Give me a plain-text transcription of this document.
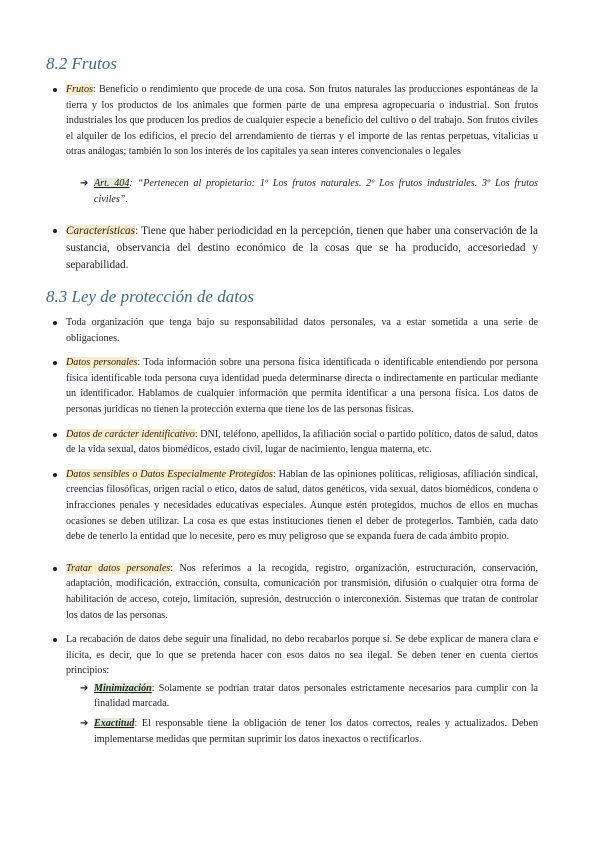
8.2 Frutos
Frutos: Beneficio o rendimiento que procede de una cosa. Son frutos naturales las producciones espontáneas de la tierra y los productos de los animales que formen parte de una empresa agropecuaria o industrial. Son frutos industriales los que producen los predios de cualquier especie a beneficio del cultivo o del trabajo. Son frutos civiles el alquiler de los edificios, el precio del arrendamiento de tierras y el importe de las rentas perpetuas, vitalicias u otras análogas; también lo son los interés de los capitales ya sean interes convencionales o legales
➔ Art. 404: “Pertenecen al propietario: 1º Los frutos naturales. 2º Los frutos industriales. 3º Los frutos civiles”.
Características: Tiene que haber periodicidad en la percepción, tienen que haber una conservación de la sustancia, observancia del destino económico de la cosas que se ha producido, accesoriedad y separabilidad.
8.3 Ley de protección de datos
Toda organización que tenga bajo su responsabilidad datos personales, va a estar sometida a una serie de obligaciones.
Datos personales: Toda información sobre una persona física identificada o identificable entendiendo por persona física identificable toda persona cuya identidad pueda determinarse directa o indirectamente en particular mediante un identificador. Hablamos de cualquier información que permita identificar a una persona física. Los datos de personas jurídicas no tienen la protección externa que tiene los de las personas físicas.
Datos de carácter identificativo: DNI, teléfono, apellidos, la afiliación social o partido político, datos de salud, datos de la vida sexual, datos biomédicos, estado civil, lugar de nacimiento, lengua materna, etc.
Datos sensibles o Datos Especialmente Protegidos: Hablan de las opiniones políticas, religiosas, afiliación sindical, creencias filosóficas, origen racial o etico, datos de salud, datos genéticos, vida sexual, datos biomédicos, condena o infracciones penales y necesidades educativas especiales. Aunque estén protegidos, muchos de ellos en muchas ocasiones se deben utilizar. La cosa es que estas instituciones tienen el deber de protegerlos. También, cada dato debe de tenerlo la entidad que lo necesite, pero es muy peligroso que se expanda fuera de cada ámbito propio.
Tratar datos personales: Nos referimos a la recogida, registro, organización, estructuración, conservación, adaptación, modificación, extracción, consulta, comunicación por transmisión, difusión o cualquier otra forma de habilitación de acceso, cotejo, limitación, supresión, destrucción o interconexión. Sistemas que tratan de controlar los datos de las personas.
La recabación de datos debe seguir una finalidad, no debo recabarlos porque sí. Se debe explicar de manera clara e ilícita, es decir, que lo que se pretenda hacer con esos datos no sea ilegal. Se deben tener en cuenta ciertos principios:
➔ Minimización: Solamente se podrían tratar datos personales estrictamente necesarios para cumplir con la finalidad marcada.
➔ Exactitud: El responsable tiene la obligación de tener los datos correctos, reales y actualizados. Deben implementarse medidas que permitan suprimir los datos inexactos o rectificarlos.
